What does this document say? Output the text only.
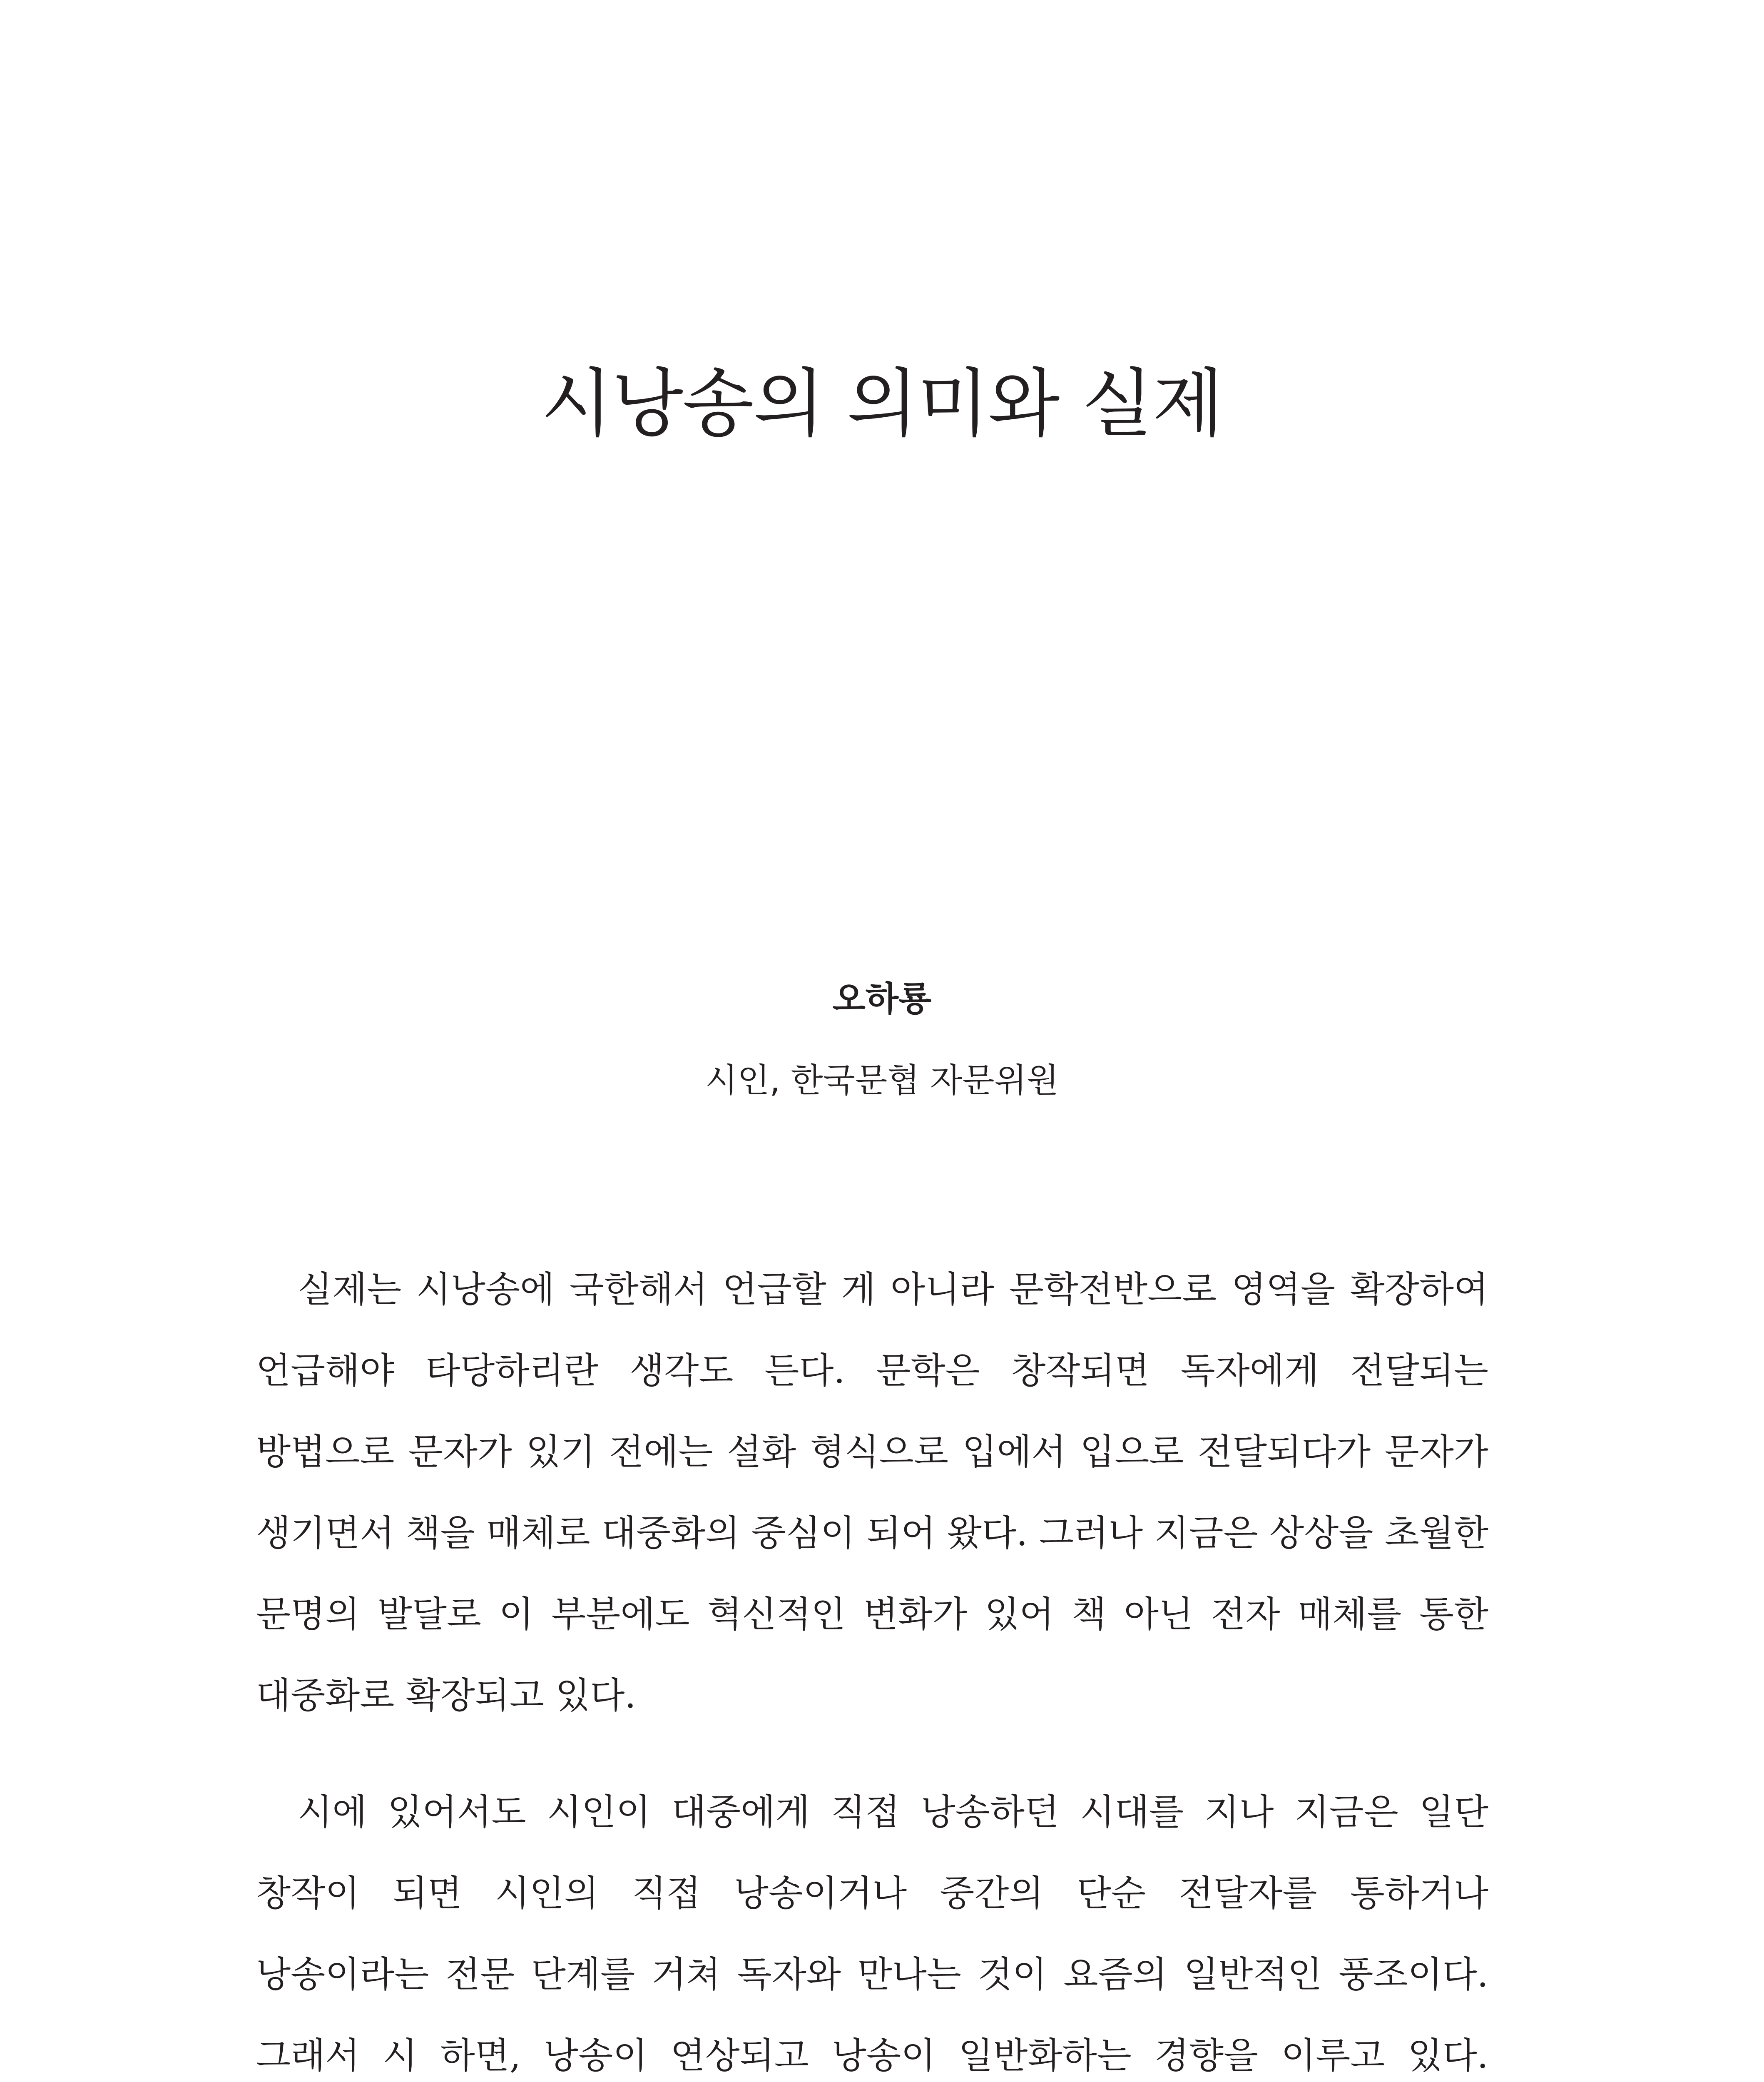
시낭송의 의미와 실제

오하룡

시인, 한국문협 자문위원

실제는 시낭송에 국한해서 언급할 게 아니라 문학전반으로 영역을 확장하여 언급해야 타당하리란 생각도 든다. 문학은 창작되면 독자에게 전달되는 방법으로 문자가 있기 전에는 설화 형식으로 입에서 입으로 전달되다가 문자가 생기면서 책을 매체로 대중화의 중심이 되어 왔다. 그러나 지금은 상상을 초월한 문명의 발달로 이 부분에도 혁신적인 변화가 있어 책 아닌 전자 매체를 통한 대중화로 확장되고 있다.

시에 있어서도 시인이 대중에게 직접 낭송하던 시대를 지나 지금은 일단 창작이 되면 시인의 직접 낭송이거나 중간의 단순 전달자를 통하거나 낭송이라는 전문 단계를 거쳐 독자와 만나는 것이 요즘의 일반적인 풍조이다. 그래서 시 하면, 낭송이 연상되고 낭송이 일반화하는 경향을 이루고 있다.
